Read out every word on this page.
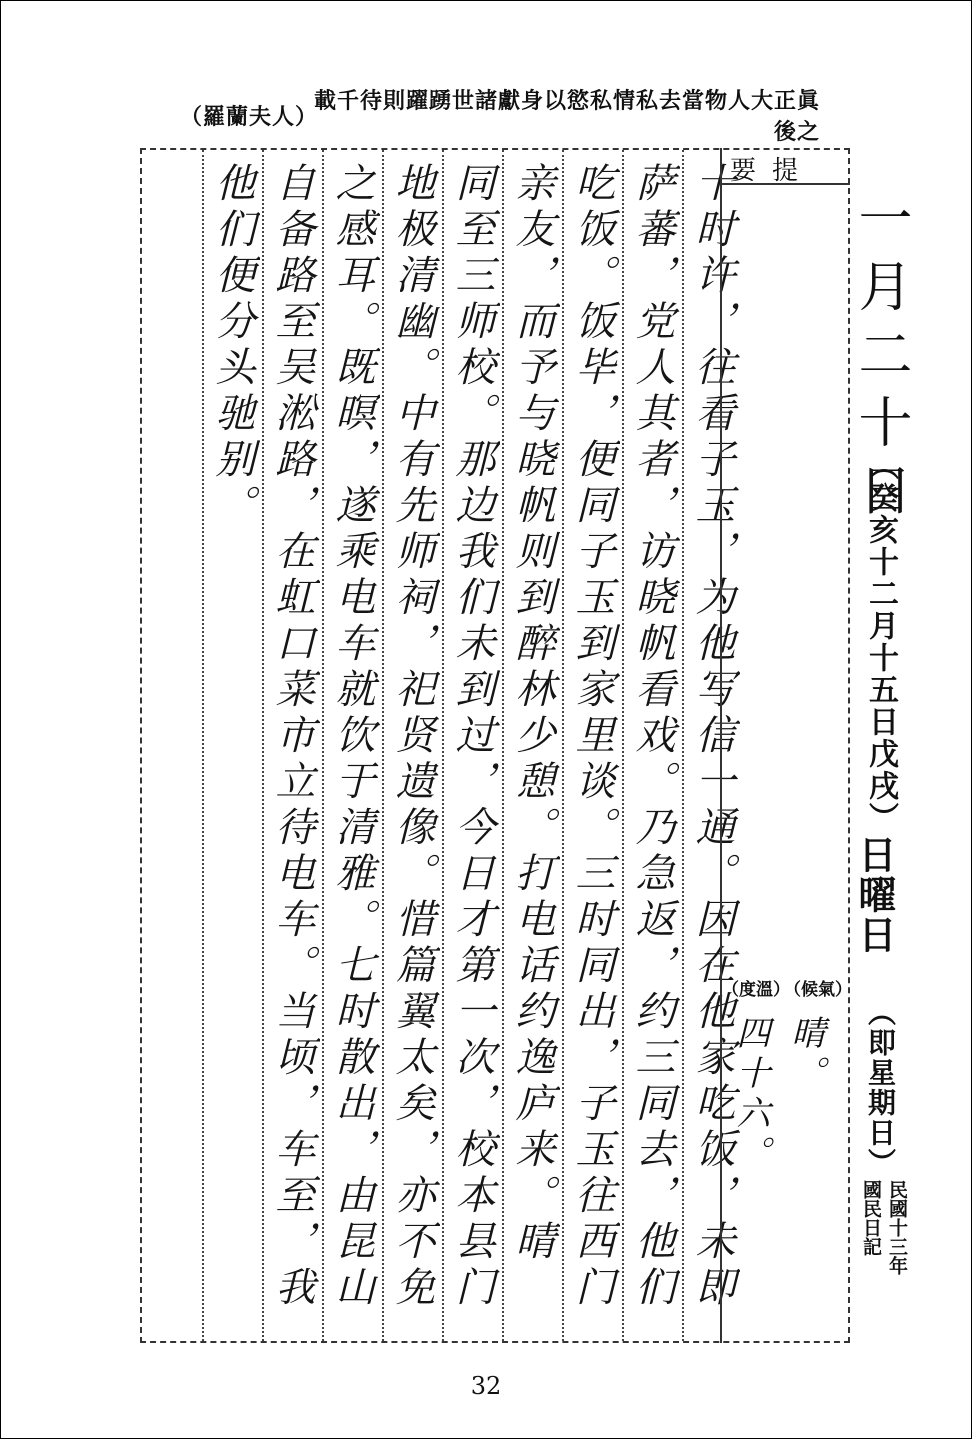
（羅蘭夫人）
眞正大人物當去私情私慾以身獻諸世踴躍則待千載之後
十时许，往看子玉，为他写信一通。因在他家吃饭，未即
萨蕃，党人其者，访晓帆看戏。乃急返，约三同去，他们
吃饭。饭毕，便同子玉到家里谈。三时同出，子玉往西门
亲友，而予与晓帆则到醉林少憩。打电话约逸庐来。晴
同至三师校。那边我们未到过，今日才第一次，校本县门
地极清幽。中有先师祠，祀贤遗像。惜篇翼太矣，亦不免
之感耳。既暝，遂乘电车就饮于清雅。七时散出，由昆山
自备路至吴淞路，在虹口菜市立待电车。当顷，车至，我
他们便分头驰别。	提要
（度溫）
（候氣）
晴。
四十六。
一月二十日
（癸亥十二月十五日戊戌）
日曜日
（即星期日）
民國十三年
國民日記
32
